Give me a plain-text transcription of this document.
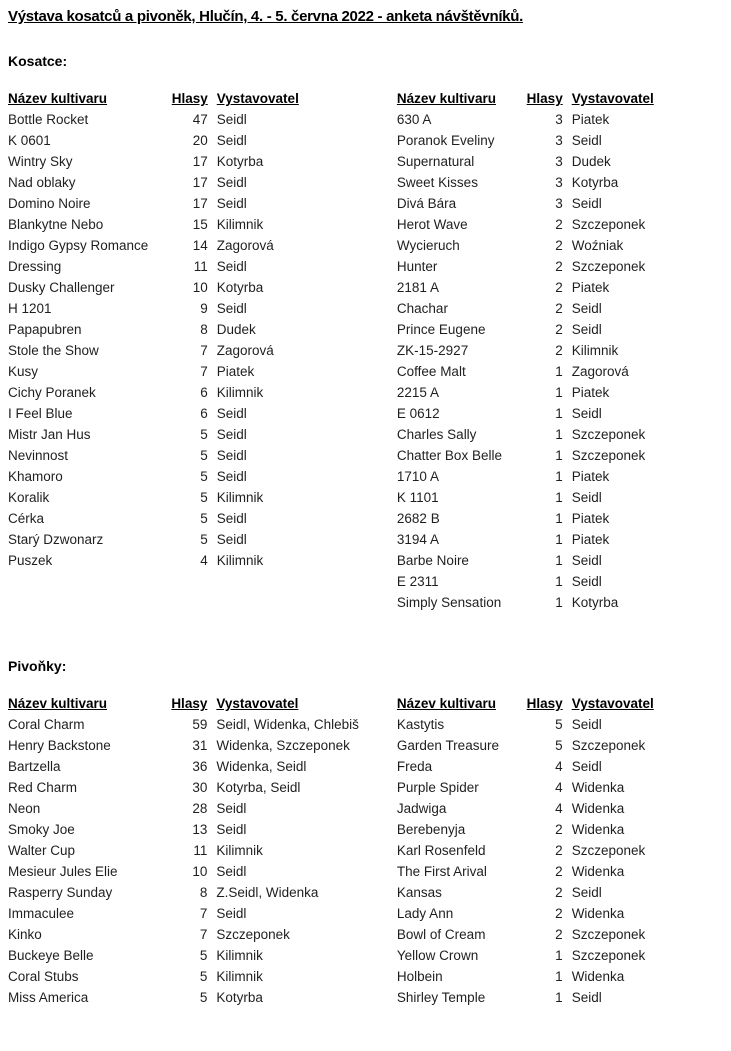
Výstava kosatců a pivoněk, Hlučín, 4. - 5. června 2022 - anketa návštěvníků.
Kosatce:
Název kultivaru	Hlasy	Vystavovatel
Bottle Rocket	47	Seidl
K 0601	20	Seidl
Wintry Sky	17	Kotyrba
Nad oblaky	17	Seidl
Domino Noire	17	Seidl
Blankytne Nebo	15	Kilimnik
Indigo Gypsy Romance	14	Zagorová
Dressing	11	Seidl
Dusky Challenger	10	Kotyrba
H 1201	9	Seidl
Papapubren	8	Dudek
Stole the Show	7	Zagorová
Kusy	7	Piatek
Cichy Poranek	6	Kilimnik
I Feel Blue	6	Seidl
Mistr Jan Hus	5	Seidl
Nevinnost	5	Seidl
Khamoro	5	Seidl
Koralik	5	Kilimnik
Cérka	5	Seidl
Starý Dzwonarz	5	Seidl
Puszek	4	Kilimnik
Název kultivaru	Hlasy	Vystavovatel
630 A	3	Piatek
Poranok Eveliny	3	Seidl
Supernatural	3	Dudek
Sweet Kisses	3	Kotyrba
Divá Bára	3	Seidl
Herot Wave	2	Szczeponek
Wycieruch	2	Woźniak
Hunter	2	Szczeponek
2181 A	2	Piatek
Chachar	2	Seidl
Prince Eugene	2	Seidl
ZK-15-2927	2	Kilimnik
Coffee Malt	1	Zagorová
2215 A	1	Piatek
E 0612	1	Seidl
Charles Sally	1	Szczeponek
Chatter Box Belle	1	Szczeponek
1710 A	1	Piatek
K 1101	1	Seidl
2682 B	1	Piatek
3194 A	1	Piatek
Barbe Noire	1	Seidl
E 2311	1	Seidl
Simply Sensation	1	Kotyrba
Pivoňky:
Název kultivaru	Hlasy	Vystavovatel
Coral Charm	59	Seidl, Widenka, Chlebiš
Henry Backstone	31	Widenka, Szczeponek
Bartzella	36	Widenka, Seidl
Red Charm	30	Kotyrba, Seidl
Neon	28	Seidl
Smoky Joe	13	Seidl
Walter Cup	11	Kilimnik
Mesieur Jules Elie	10	Seidl
Rasperry Sunday	8	Z.Seidl, Widenka
Immaculee	7	Seidl
Kinko	7	Szczeponek
Buckeye Belle	5	Kilimnik
Coral Stubs	5	Kilimnik
Miss America	5	Kotyrba
Název kultivaru	Hlasy	Vystavovatel
Kastytis	5	Seidl
Garden Treasure	5	Szczeponek
Freda	4	Seidl
Purple Spider	4	Widenka
Jadwiga	4	Widenka
Berebenyja	2	Widenka
Karl Rosenfeld	2	Szczeponek
The First Arival	2	Widenka
Kansas	2	Seidl
Lady Ann	2	Widenka
Bowl of Cream	2	Szczeponek
Yellow Crown	1	Szczeponek
Holbein	1	Widenka
Shirley Temple	1	Seidl
